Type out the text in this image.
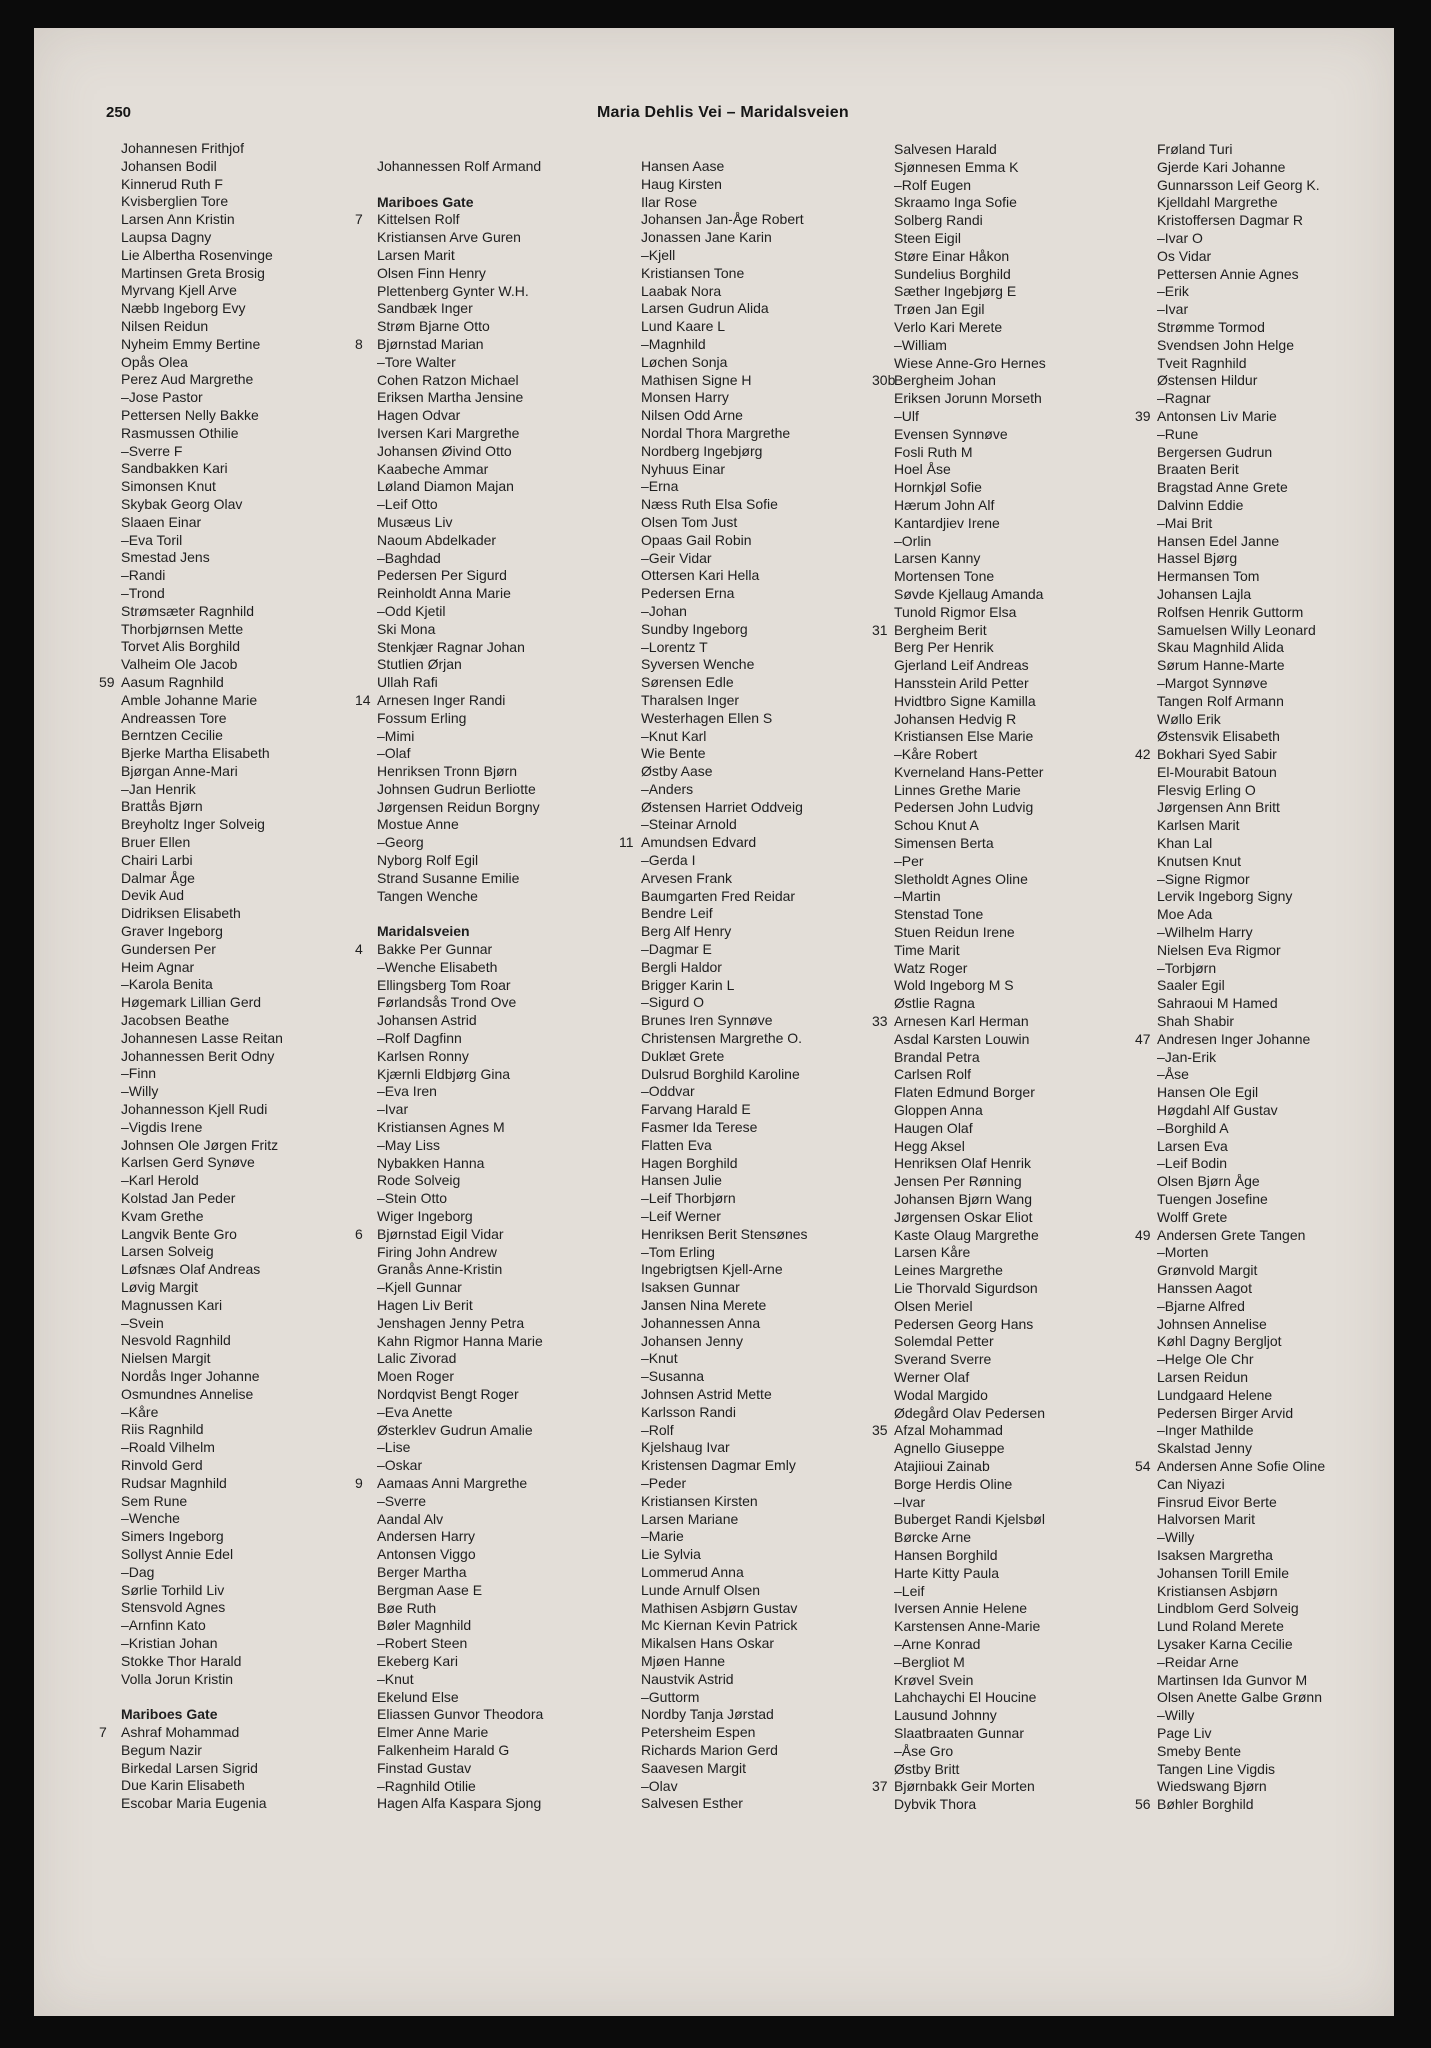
250	Maria Dehlis Vei – Maridalsveien
Johannesen Frithjof
Johansen Bodil
Kinnerud Ruth F
Kvisberglien Tore
Larsen Ann Kristin
Laupsa Dagny
Lie Albertha Rosenvinge
Martinsen Greta Brosig
Myrvang Kjell Arve
Næbb Ingeborg Evy
Nilsen Reidun
Nyheim Emmy Bertine
Opås Olea
Perez Aud Margrethe
–Jose Pastor
Pettersen Nelly Bakke
Rasmussen Othilie
–Sverre F
Sandbakken Kari
Simonsen Knut
Skybak Georg Olav
Slaaen Einar
–Eva Toril
Smestad Jens
–Randi
–Trond
Strømsæter Ragnhild
Thorbjørnsen Mette
Torvet Alis Borghild
Valheim Ole Jacob
59 Aasum Ragnhild
Amble Johanne Marie
Andreassen Tore
Berntzen Cecilie
Bjerke Martha Elisabeth
Bjørgan Anne-Mari
–Jan Henrik
Brattås Bjørn
Breyholtz Inger Solveig
Bruer Ellen
Chairi Larbi
Dalmar Åge
Devik Aud
Didriksen Elisabeth
Graver Ingeborg
Gundersen Per
Heim Agnar
–Karola Benita
Høgemark Lillian Gerd
Jacobsen Beathe
Johannesen Lasse Reitan
Johannessen Berit Odny
–Finn
–Willy
Johannesson Kjell Rudi
–Vigdis Irene
Johnsen Ole Jørgen Fritz
Karlsen Gerd Synøve
–Karl Herold
Kolstad Jan Peder
Kvam Grethe
Langvik Bente Gro
Larsen Solveig
Løfsnæs Olaf Andreas
Løvig Margit
Magnussen Kari
–Svein
Nesvold Ragnhild
Nielsen Margit
Nordås Inger Johanne
Osmundnes Annelise
–Kåre
Riis Ragnhild
–Roald Vilhelm
Rinvold Gerd
Rudsar Magnhild
Sem Rune
–Wenche
Simers Ingeborg
Sollyst Annie Edel
–Dag
Sørlie Torhild Liv
Stensvold Agnes
–Arnfinn Kato
–Kristian Johan
Stokke Thor Harald
Volla Jorun Kristin
Mariboes Gate
7 Ashraf Mohammad
Begum Nazir
Birkedal Larsen Sigrid
Due Karin Elisabeth
Escobar Maria Eugenia
Johannessen Rolf Armand
Mariboes Gate
7 Kittelsen Rolf
Kristiansen Arve Guren
Larsen Marit
Olsen Finn Henry
Plettenberg Gynter W.H.
Sandbæk Inger
Strøm Bjarne Otto
8 Bjørnstad Marian
–Tore Walter
Cohen Ratzon Michael
Eriksen Martha Jensine
Hagen Odvar
Iversen Kari Margrethe
Johansen Øivind Otto
Kaabeche Ammar
Løland Diamon Majan
–Leif Otto
Musæus Liv
Naoum Abdelkader
–Baghdad
Pedersen Per Sigurd
Reinholdt Anna Marie
–Odd Kjetil
Ski Mona
Stenkjær Ragnar Johan
Stutlien Ørjan
Ullah Rafi
14 Arnesen Inger Randi
Fossum Erling
–Mimi
–Olaf
Henriksen Tronn Bjørn
Johnsen Gudrun Berliotte
Jørgensen Reidun Borgny
Mostue Anne
–Georg
Nyborg Rolf Egil
Strand Susanne Emilie
Tangen Wenche
Maridalsveien
4 Bakke Per Gunnar
–Wenche Elisabeth
Ellingsberg Tom Roar
Førlandsås Trond Ove
Johansen Astrid
–Rolf Dagfinn
Karlsen Ronny
Kjærnli Eldbjørg Gina
–Eva Iren
–Ivar
Kristiansen Agnes M
–May Liss
Nybakken Hanna
Rode Solveig
–Stein Otto
Wiger Ingeborg
6 Bjørnstad Eigil Vidar
Firing John Andrew
Granås Anne-Kristin
–Kjell Gunnar
Hagen Liv Berit
Jenshagen Jenny Petra
Kahn Rigmor Hanna Marie
Lalic Zivorad
Moen Roger
Nordqvist Bengt Roger
–Eva Anette
Østerklev Gudrun Amalie
–Lise
–Oskar
9 Aamaas Anni Margrethe
–Sverre
Aandal Alv
Andersen Harry
Antonsen Viggo
Berger Martha
Bergman Aase E
Bøe Ruth
Bøler Magnhild
–Robert Steen
Ekeberg Kari
–Knut
Ekelund Else
Eliassen Gunvor Theodora
Elmer Anne Marie
Falkenheim Harald G
Finstad Gustav
–Ragnhild Otilie
Hagen Alfa Kaspara Sjong
Hansen Aase
Haug Kirsten
Ilar Rose
Johansen Jan-Åge Robert
Jonassen Jane Karin
–Kjell
Kristiansen Tone
Laabak Nora
Larsen Gudrun Alida
Lund Kaare L
–Magnhild
Løchen Sonja
Mathisen Signe H
Monsen Harry
Nilsen Odd Arne
Nordal Thora Margrethe
Nordberg Ingebjørg
Nyhuus Einar
–Erna
Næss Ruth Elsa Sofie
Olsen Tom Just
Opaas Gail Robin
–Geir Vidar
Ottersen Kari Hella
Pedersen Erna
–Johan
Sundby Ingeborg
–Lorentz T
Syversen Wenche
Sørensen Edle
Tharalsen Inger
Westerhagen Ellen S
–Knut Karl
Wie Bente
Østby Aase
–Anders
Østensen Harriet Oddveig
–Steinar Arnold
11 Amundsen Edvard
–Gerda I
Arvesen Frank
Baumgarten Fred Reidar
Bendre Leif
Berg Alf Henry
–Dagmar E
Bergli Haldor
Brigger Karin L
–Sigurd O
Brunes Iren Synnøve
Christensen Margrethe O.
Duklæt Grete
Dulsrud Borghild Karoline
–Oddvar
Farvang Harald E
Fasmer Ida Terese
Flatten Eva
Hagen Borghild
Hansen Julie
–Leif Thorbjørn
–Leif Werner
Henriksen Berit Stensønes
–Tom Erling
Ingebrigtsen Kjell-Arne
Isaksen Gunnar
Jansen Nina Merete
Johannessen Anna
Johansen Jenny
–Knut
–Susanna
Johnsen Astrid Mette
Karlsson Randi
–Rolf
Kjelshaug Ivar
Kristensen Dagmar Emly
–Peder
Kristiansen Kirsten
Larsen Mariane
–Marie
Lie Sylvia
Lommerud Anna
Lunde Arnulf Olsen
Mathisen Asbjørn Gustav
Mc Kiernan Kevin Patrick
Mikalsen Hans Oskar
Mjøen Hanne
Naustvik Astrid
–Guttorm
Nordby Tanja Jørstad
Petersheim Espen
Richards Marion Gerd
Saavesen Margit
–Olav
Salvesen Esther
Salvesen Harald
Sjønnesen Emma K
–Rolf Eugen
Skraamo Inga Sofie
Solberg Randi
Steen Eigil
Støre Einar Håkon
Sundelius Borghild
Sæther Ingebjørg E
Trøen Jan Egil
Verlo Kari Merete
–William
Wiese Anne-Gro Hernes
30b
Bergheim Johan
Eriksen Jorunn Morseth
–Ulf
Evensen Synnøve
Fosli Ruth M
Hoel Åse
Hornkjøl Sofie
Hærum John Alf
Kantardjiev Irene
–Orlin
Larsen Kanny
Mortensen Tone
Søvde Kjellaug Amanda
Tunold Rigmor Elsa
31 Bergheim Berit
Berg Per Henrik
Gjerland Leif Andreas
Hansstein Arild Petter
Hvidtbro Signe Kamilla
Johansen Hedvig R
Kristiansen Else Marie
–Kåre Robert
Kverneland Hans-Petter
Linnes Grethe Marie
Pedersen John Ludvig
Schou Knut A
Simensen Berta
–Per
Sletholdt Agnes Oline
–Martin
Stenstad Tone
Stuen Reidun Irene
Time Marit
Watz Roger
Wold Ingeborg M S
Østlie Ragna
33 Arnesen Karl Herman
Asdal Karsten Louwin
Brandal Petra
Carlsen Rolf
Flaten Edmund Borger
Gloppen Anna
Haugen Olaf
Hegg Aksel
Henriksen Olaf Henrik
Jensen Per Rønning
Johansen Bjørn Wang
Jørgensen Oskar Eliot
Kaste Olaug Margrethe
Larsen Kåre
Leines Margrethe
Lie Thorvald Sigurdson
Olsen Meriel
Pedersen Georg Hans
Solemdal Petter
Sverand Sverre
Werner Olaf
Wodal Margido
Ødegård Olav Pedersen
35 Afzal Mohammad
Agnello Giuseppe
Atajiioui Zainab
Borge Herdis Oline
–Ivar
Buberget Randi Kjelsbøl
Børcke Arne
Hansen Borghild
Harte Kitty Paula
–Leif
Iversen Annie Helene
Karstensen Anne-Marie
–Arne Konrad
–Bergliot M
Krøvel Svein
Lahchaychi El Houcine
Lausund Johnny
Slaatbraaten Gunnar
–Åse Gro
Østby Britt
37 Bjørnbakk Geir Morten
Dybvik Thora
Frøland Turi
Gjerde Kari Johanne
Gunnarsson Leif Georg K.
Kjelldahl Margrethe
Kristoffersen Dagmar R
–Ivar O
Os Vidar
Pettersen Annie Agnes
–Erik
–Ivar
Strømme Tormod
Svendsen John Helge
Tveit Ragnhild
Østensen Hildur
–Ragnar
39 Antonsen Liv Marie
–Rune
Bergersen Gudrun
Braaten Berit
Bragstad Anne Grete
Dalvinn Eddie
–Mai Brit
Hansen Edel Janne
Hassel Bjørg
Hermansen Tom
Johansen Lajla
Rolfsen Henrik Guttorm
Samuelsen Willy Leonard
Skau Magnhild Alida
Sørum Hanne-Marte
–Margot Synnøve
Tangen Rolf Armann
Wøllo Erik
Østensvik Elisabeth
42 Bokhari Syed Sabir
El-Mourabit Batoun
Flesvig Erling O
Jørgensen Ann Britt
Karlsen Marit
Khan Lal
Knutsen Knut
–Signe Rigmor
Lervik Ingeborg Signy
Moe Ada
–Wilhelm Harry
Nielsen Eva Rigmor
–Torbjørn
Saaler Egil
Sahraoui M Hamed
Shah Shabir
47 Andresen Inger Johanne
–Jan-Erik
–Åse
Hansen Ole Egil
Høgdahl Alf Gustav
–Borghild A
Larsen Eva
–Leif Bodin
Olsen Bjørn Åge
Tuengen Josefine
Wolff Grete
49 Andersen Grete Tangen
–Morten
Grønvold Margit
Hanssen Aagot
–Bjarne Alfred
Johnsen Annelise
Køhl Dagny Bergljot
–Helge Ole Chr
Larsen Reidun
Lundgaard Helene
Pedersen Birger Arvid
–Inger Mathilde
Skalstad Jenny
54 Andersen Anne Sofie Oline
Can Niyazi
Finsrud Eivor Berte
Halvorsen Marit
–Willy
Isaksen Margretha
Johansen Torill Emile
Kristiansen Asbjørn
Lindblom Gerd Solveig
Lund Roland Merete
Lysaker Karna Cecilie
–Reidar Arne
Martinsen Ida Gunvor M
Olsen Anette Galbe Grønn
–Willy
Page Liv
Smeby Bente
Tangen Line Vigdis
Wiedswang Bjørn
56 Bøhler Borghild
